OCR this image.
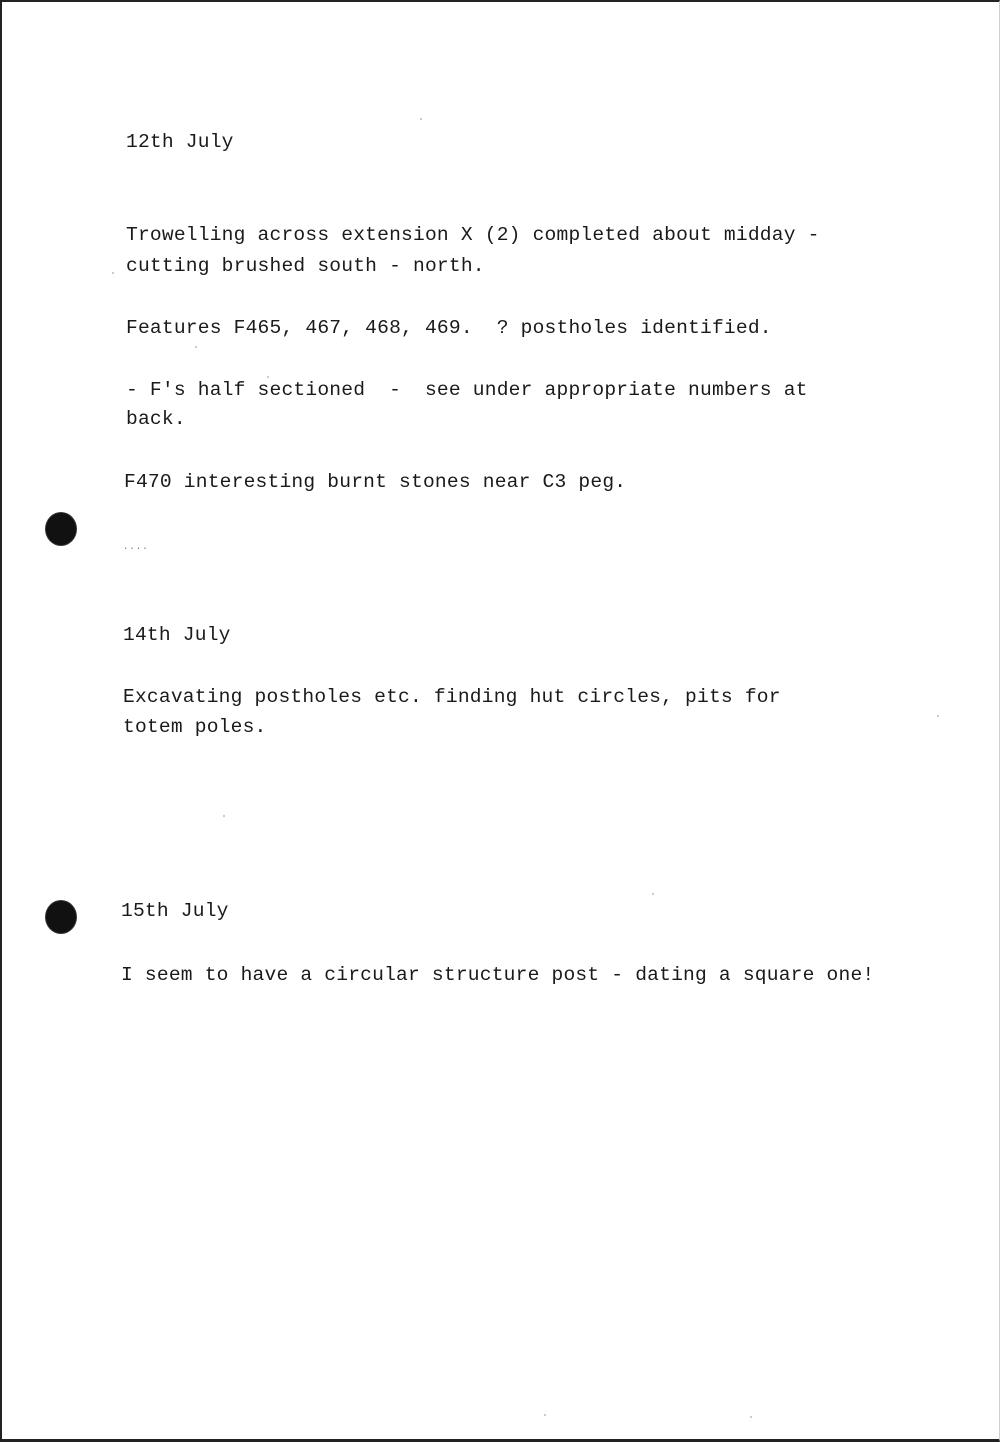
12th July
Trowelling across extension X (2) completed about midday -
cutting brushed south - north.
Features F465, 467, 468, 469.  ? postholes identified.
- F's half sectioned  -  see under appropriate numbers at
back.
F470 interesting burnt stones near C3 peg.
....
14th July
Excavating postholes etc. finding hut circles, pits for
totem poles.
15th July
I seem to have a circular structure post - dating a square one!
